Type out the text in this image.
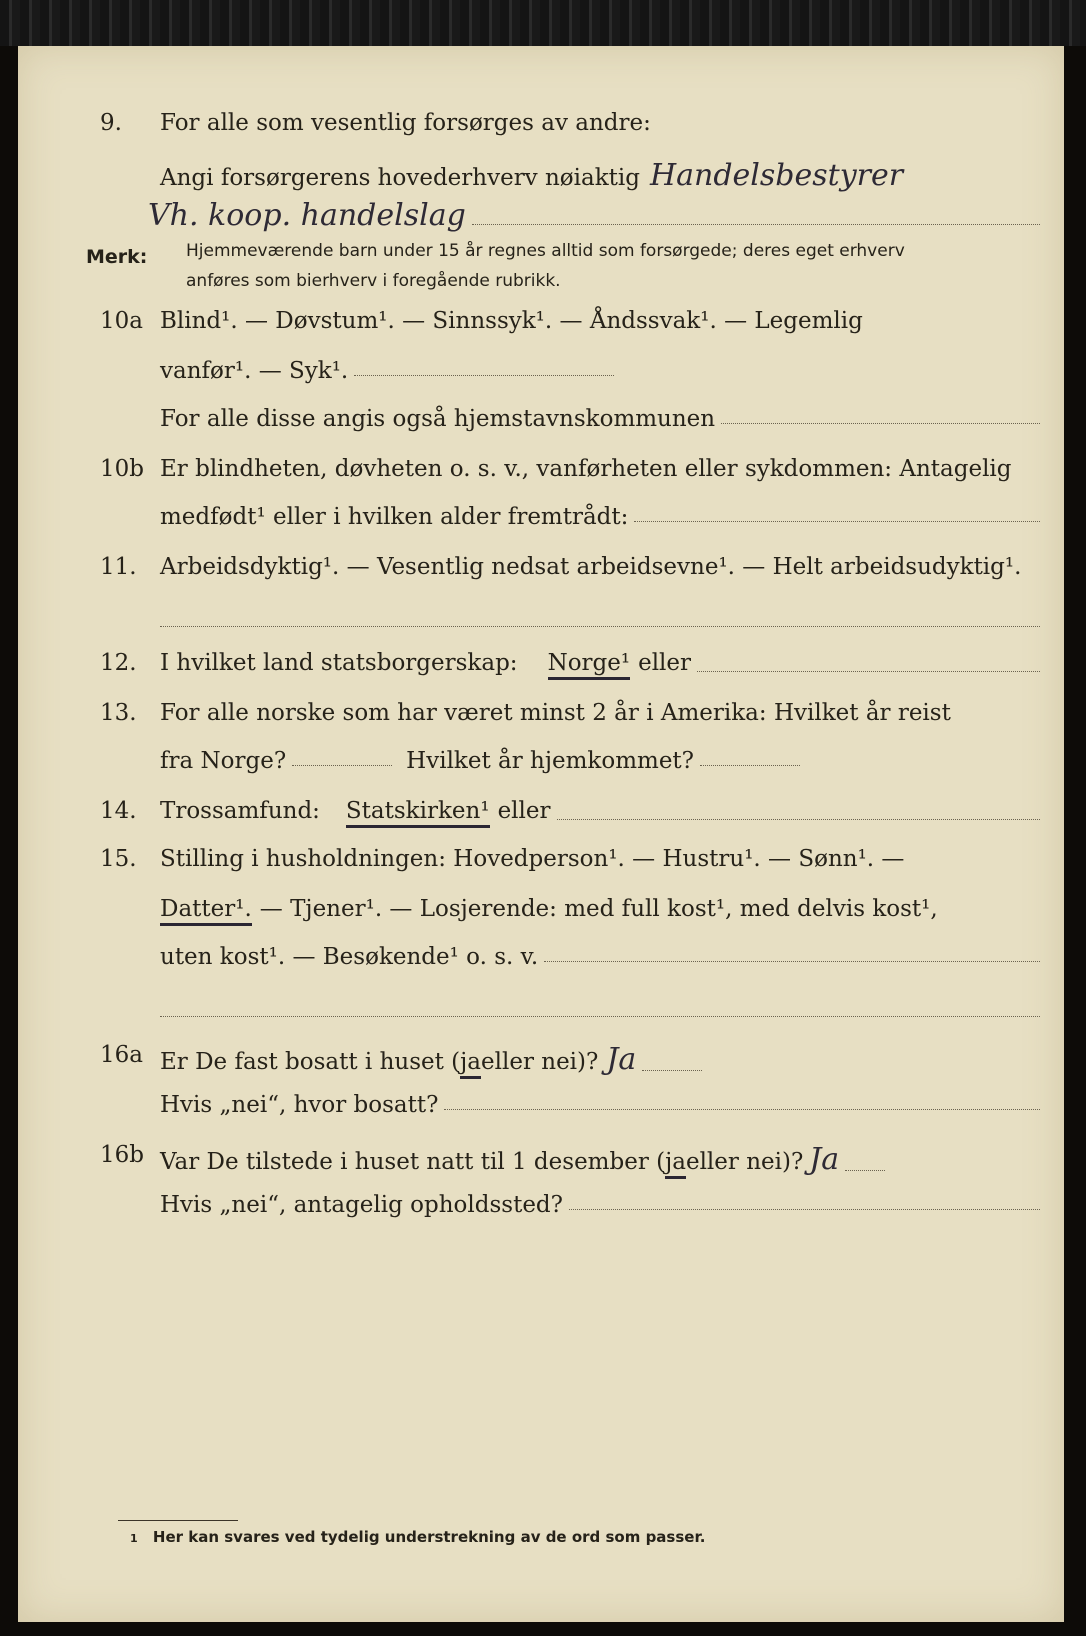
9.	For alle som vesentlig forsørges av andre:
Angi forsørgerens hovederhverv nøiaktig Handelsbestyrer
Vh. koop. handelslag
Merk: Hjemmeværende barn under 15 år regnes alltid som forsørgede; deres eget erhverv
anføres som bierhverv i foregående rubrikk.
10a Blind¹. — Døvstum¹. — Sinnssyk¹. — Åndssvak¹. — Legemlig
vanfør¹. — Syk¹.
For alle disse angis også hjemstavnskommunen
10b Er blindheten, døvheten o. s. v., vanførheten eller sykdommen: Antagelig
medfødt¹ eller i hvilken alder fremtrådt:
11.	Arbeidsdyktig¹. — Vesentlig nedsat arbeidsevne¹. — Helt arbeidsudyktig¹.
12.	I hvilket land statsborgerskap: Norge¹ eller
13.	For alle norske som har været minst 2 år i Amerika: Hvilket år reist
fra Norge?	Hvilket år hjemkommet?
14.	Trossamfund: Statskirken¹ eller
15.	Stilling i husholdningen: Hovedperson¹. — Hustru¹. — Sønn¹. —
Datter¹. — Tjener¹. — Losjerende: med full kost¹, med delvis kost¹,
uten kost¹. — Besøkende¹ o. s. v.
16a Er De fast bosatt i huset ( ja eller nei)? Ja
Hvis „nei“, hvor bosatt?
16b Var De tilstede i huset natt til 1 desember ( ja eller nei)? Ja
Hvis „nei“, antagelig opholdssted?
1 Her kan svares ved tydelig understrekning av de ord som passer.
